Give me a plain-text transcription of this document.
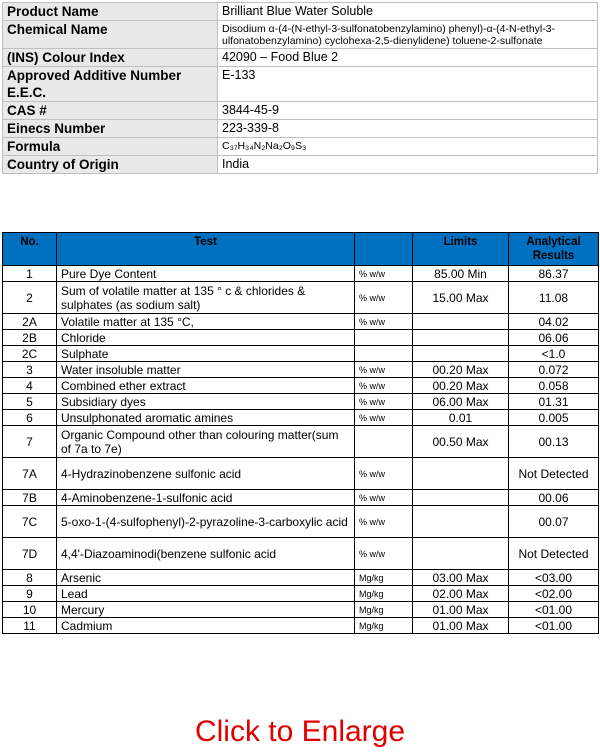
Product Name	Brilliant Blue Water Soluble
Chemical Name	Disodium α-(4-(N-ethyl-3-sulfonatobenzylamino) phenyl)-α-(4-N-ethyl-3-ulfonatobenzylamino) cyclohexa-2,5-dienylidene) toluene-2-sulfonate
(INS) Colour Index	42090 – Food Blue 2
Approved Additive Number E.E.C.	E-133
CAS #	3844-45-9
Einecs Number	223-339-8
Formula	C₃₇H₃₄N₂Na₂O₉S₃
Country of Origin	India
No.	Test		Limits	Analytical Results
1	Pure Dye Content	% w/w	85.00 Min	86.37
2	Sum of volatile matter at 135 ° c & chlorides & sulphates (as sodium salt)	% w/w	15.00 Max	11.08
2A	Volatile matter at 135 °C,	% w/w		04.02
2B	Chloride			06.06
2C	Sulphate			<1.0
3	Water insoluble matter	% w/w	00.20 Max	0.072
4	Combined ether extract	% w/w	00.20 Max	0.058
5	Subsidiary dyes	% w/w	06.00 Max	01.31
6	Unsulphonated aromatic amines	% w/w	0.01	0.005
7	Organic Compound other than colouring matter(sum of 7a to 7e)		00.50 Max	00.13
7A	4-Hydrazinobenzene sulfonic acid	% w/w		Not Detected
7B	4-Aminobenzene-1-sulfonic acid	% w/w		00.06
7C	5-oxo-1-(4-sulfophenyl)-2-pyrazoline-3-carboxylic acid	% w/w		00.07
7D	4,4'-Diazoaminodi(benzene sulfonic acid	% w/w		Not Detected
8	Arsenic	Mg/kg	03.00 Max	<03.00
9	Lead	Mg/kg	02.00 Max	<02.00
10	Mercury	Mg/kg	01.00 Max	<01.00
11	Cadmium	Mg/kg	01.00 Max	<01.00
Click to Enlarge
